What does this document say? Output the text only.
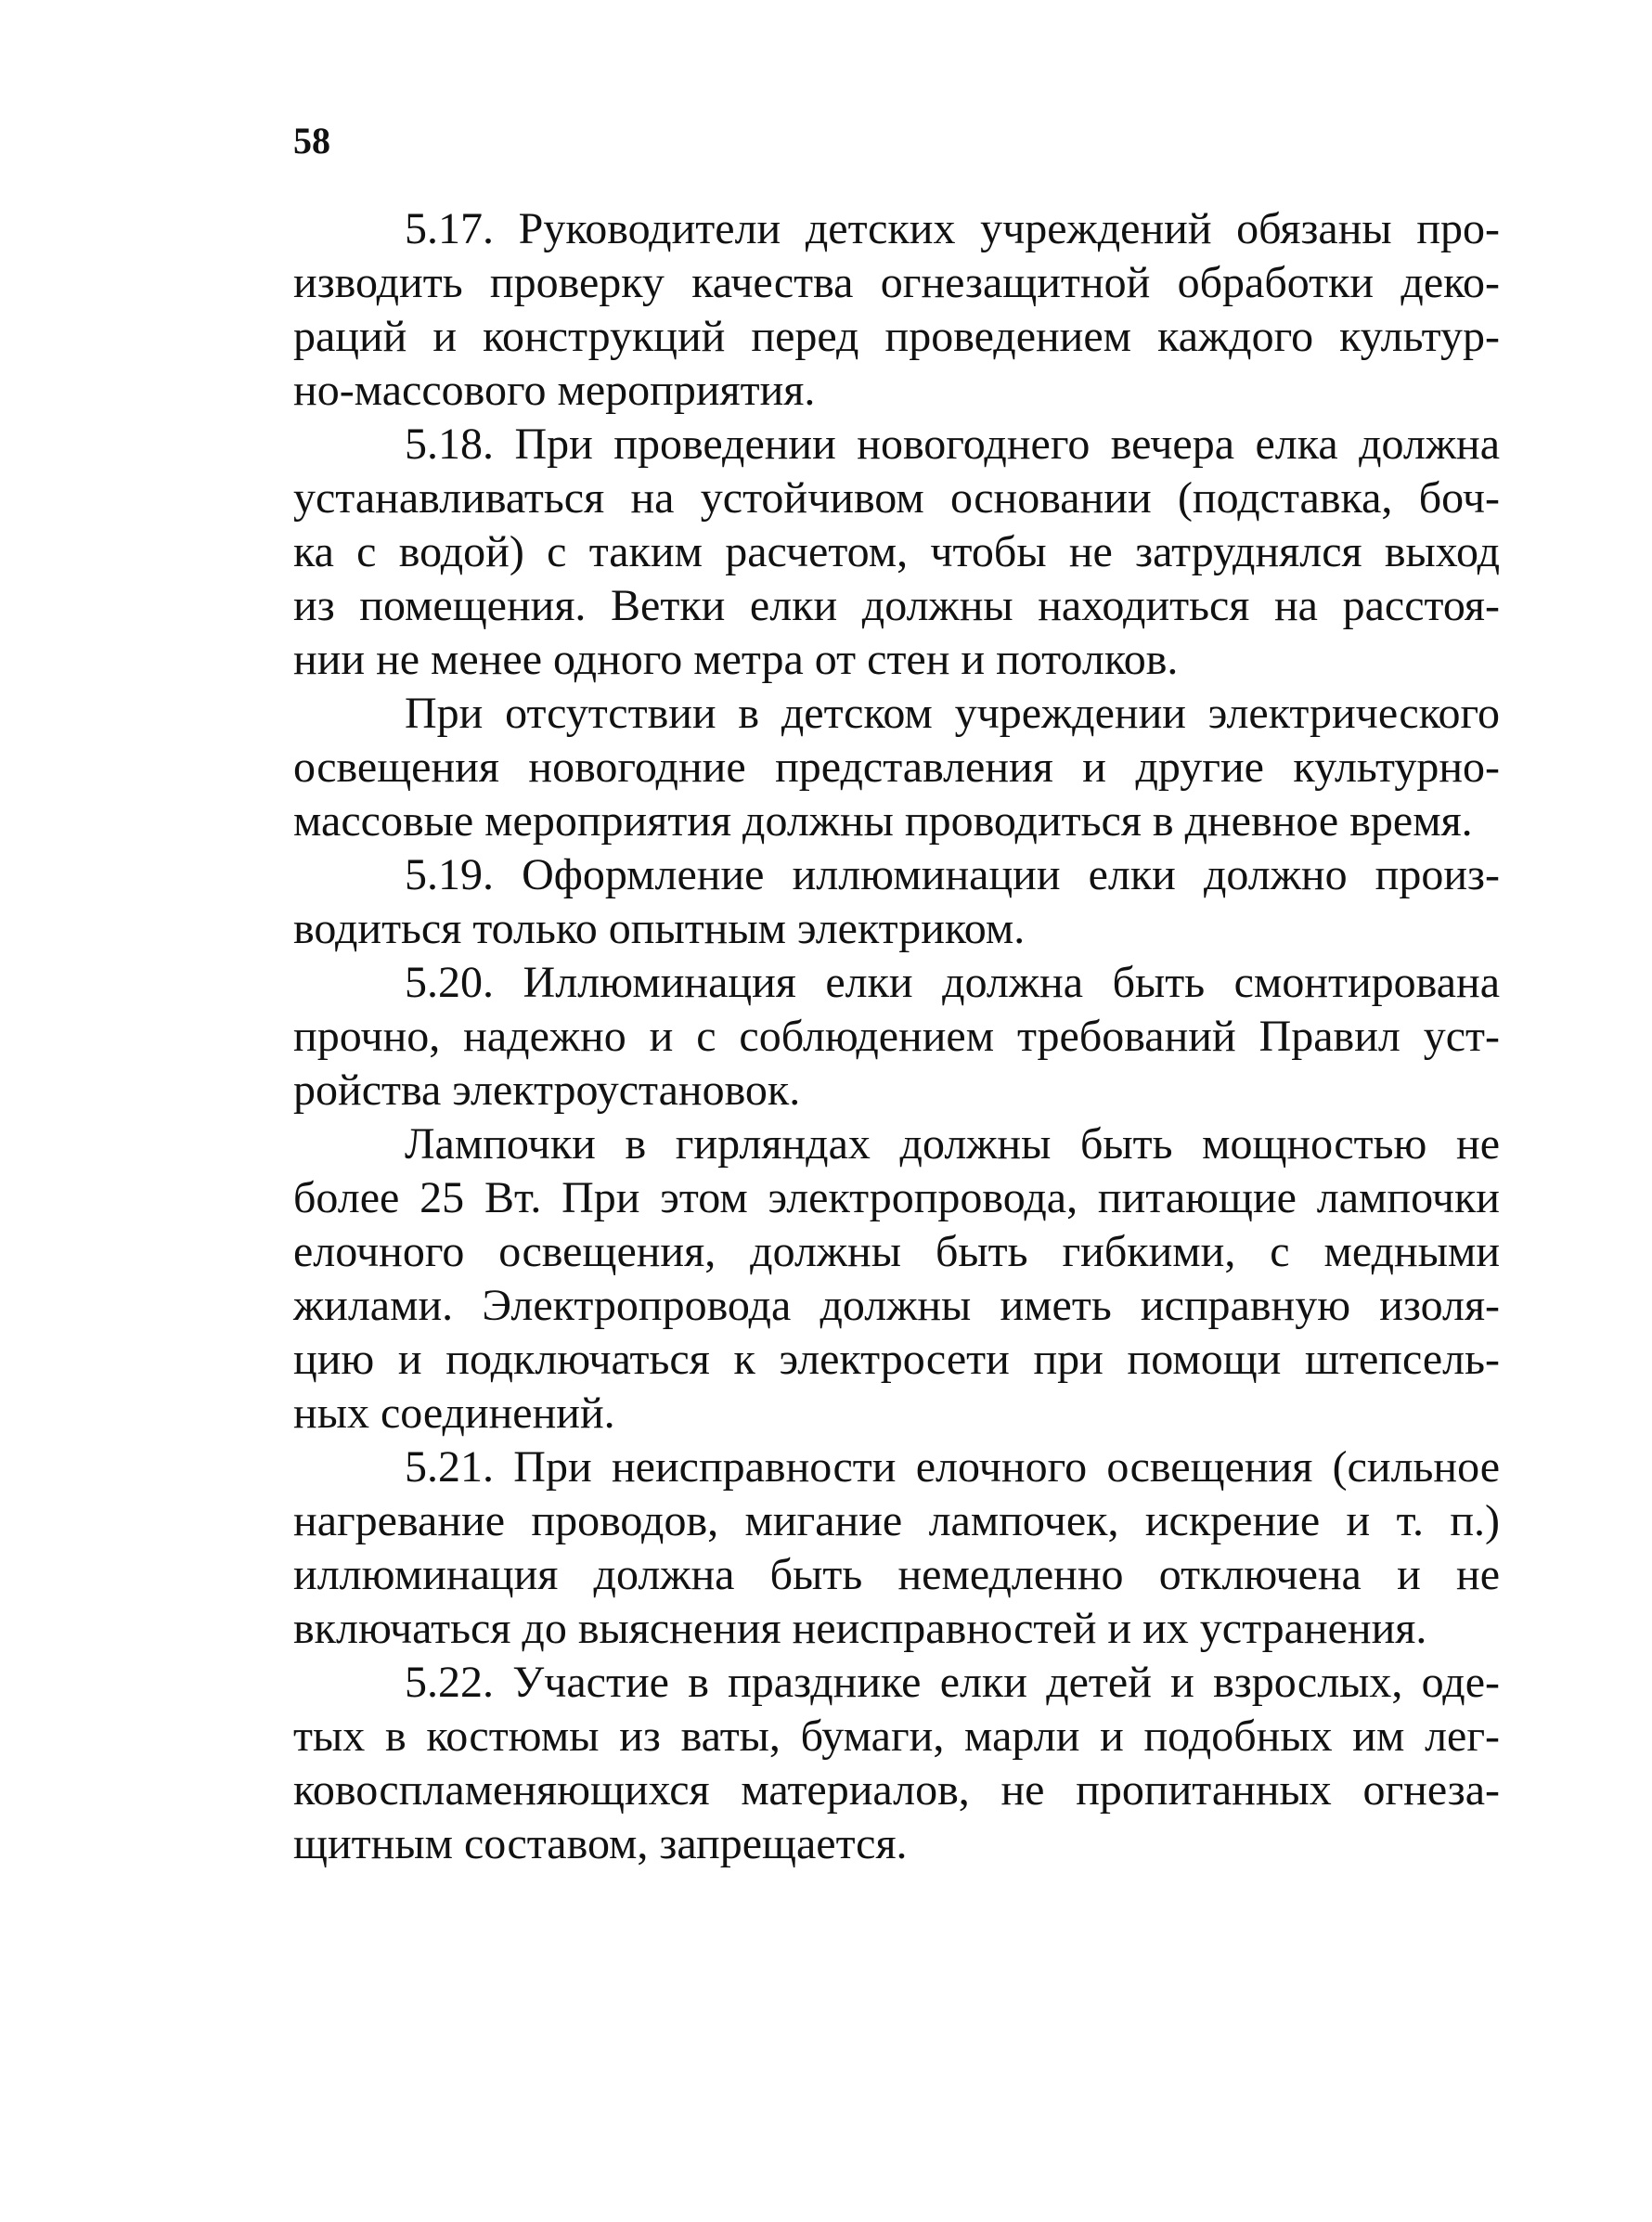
58
5.17. Руководители детских учреждений обязаны про-
изводить проверку качества огнезащитной обработки деко-
раций и конструкций перед проведением каждого культур-
но-массового мероприятия.
5.18. При проведении новогоднего вечера елка должна
устанавливаться на устойчивом основании (подставка, боч-
ка с водой) с таким расчетом, чтобы не затруднялся выход
из помещения. Ветки елки должны находиться на расстоя-
нии не менее одного метра от стен и потолков.
При отсутствии в детском учреждении электрического
освещения новогодние представления и другие культурно-
массовые мероприятия должны проводиться в дневное время.
5.19. Оформление иллюминации елки должно произ-
водиться только опытным электриком.
5.20. Иллюминация елки должна быть смонтирована
прочно, надежно и с соблюдением требований Правил уст-
ройства электроустановок.
Лампочки в гирляндах должны быть мощностью не
более 25 Вт. При этом электропровода, питающие лампочки
елочного освещения, должны быть гибкими, с медными
жилами. Электропровода должны иметь исправную изоля-
цию и подключаться к электросети при помощи штепсель-
ных соединений.
5.21. При неисправности елочного освещения (сильное
нагревание проводов, мигание лампочек, искрение и т. п.)
иллюминация должна быть немедленно отключена и не
включаться до выяснения неисправностей и их устранения.
5.22. Участие в празднике елки детей и взрослых, оде-
тых в костюмы из ваты, бумаги, марли и подобных им лег-
ковоспламеняющихся материалов, не пропитанных огнеза-
щитным составом, запрещается.
